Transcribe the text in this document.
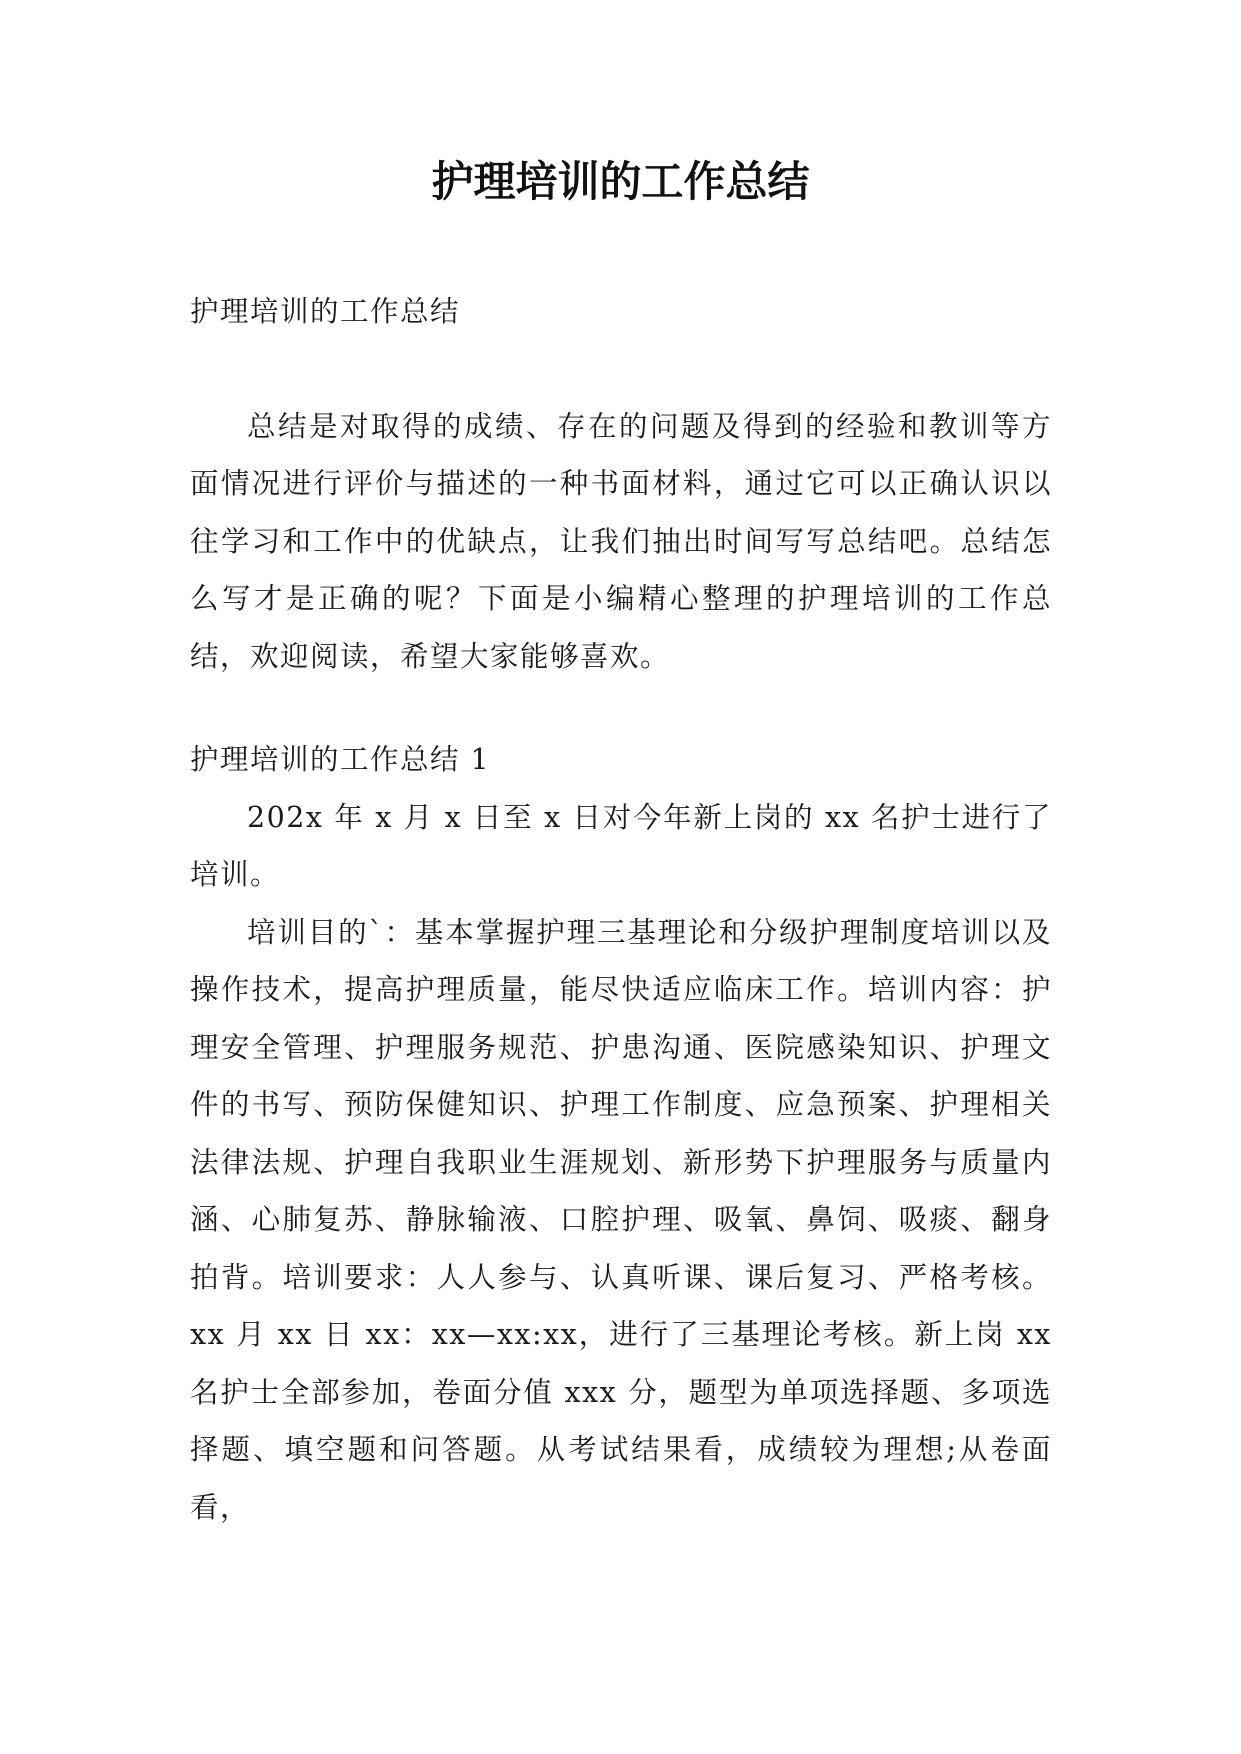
护理培训的工作总结

护理培训的工作总结

总结是对取得的成绩、存在的问题及得到的经验和教训等方面情况进行评价与描述的一种书面材料，通过它可以正确认识以往学习和工作中的优缺点，让我们抽出时间写写总结吧。总结怎么写才是正确的呢？下面是小编精心整理的护理培训的工作总结，欢迎阅读，希望大家能够喜欢。

护理培训的工作总结 1

202x 年 x 月 x 日至 x 日对今年新上岗的 xx 名护士进行了培训。

培训目的`：基本掌握护理三基理论和分级护理制度培训以及操作技术，提高护理质量，能尽快适应临床工作。培训内容：护理安全管理、护理服务规范、护患沟通、医院感染知识、护理文件的书写、预防保健知识、护理工作制度、应急预案、护理相关法律法规、护理自我职业生涯规划、新形势下护理服务与质量内涵、心肺复苏、静脉输液、口腔护理、吸氧、鼻饲、吸痰、翻身拍背。培训要求：人人参与、认真听课、课后复习、严格考核。xx 月 xx 日 xx：xx—xx:xx，进行了三基理论考核。新上岗 xx 名护士全部参加，卷面分值 xxx 分，题型为单项选择题、多项选择题、填空题和问答题。从考试结果看，成绩较为理想;从卷面看，
